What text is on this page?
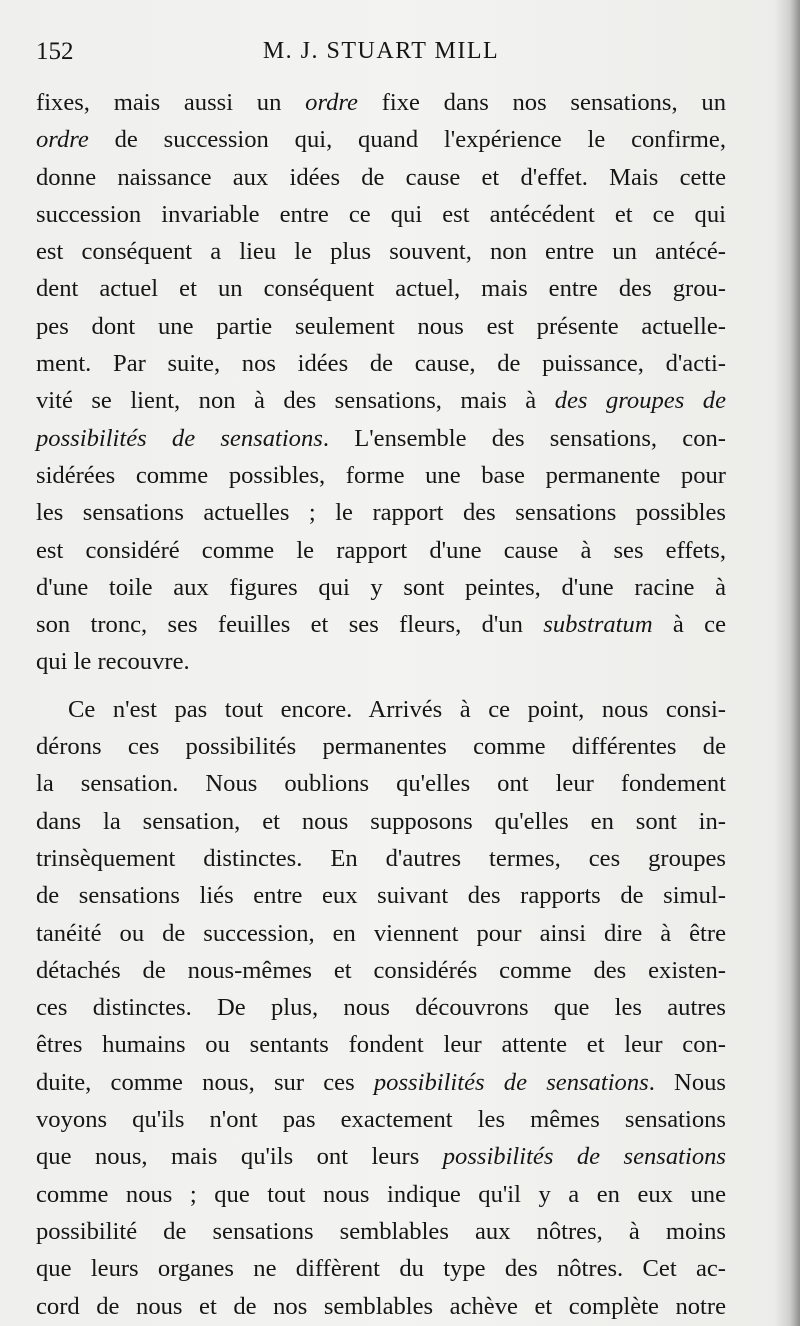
152	M. J. STUART MILL
fixes, mais aussi un ordre fixe dans nos sensations, un
ordre de succession qui, quand l'expérience le confirme,
donne naissance aux idées de cause et d'effet. Mais cette
succession invariable entre ce qui est antécédent et ce qui
est conséquent a lieu le plus souvent, non entre un antécé-
dent actuel et un conséquent actuel, mais entre des grou-
pes dont une partie seulement nous est présente actuelle-
ment. Par suite, nos idées de cause, de puissance, d'acti-
vité se lient, non à des sensations, mais à des groupes de
possibilités de sensations. L'ensemble des sensations, con-
sidérées comme possibles, forme une base permanente pour
les sensations actuelles ; le rapport des sensations possibles
est considéré comme le rapport d'une cause à ses effets,
d'une toile aux figures qui y sont peintes, d'une racine à
son tronc, ses feuilles et ses fleurs, d'un substratum à ce
qui le recouvre.
Ce n'est pas tout encore. Arrivés à ce point, nous consi-
dérons ces possibilités permanentes comme différentes de
la sensation. Nous oublions qu'elles ont leur fondement
dans la sensation, et nous supposons qu'elles en sont in-
trinsèquement distinctes. En d'autres termes, ces groupes
de sensations liés entre eux suivant des rapports de simul-
tanéité ou de succession, en viennent pour ainsi dire à être
détachés de nous-mêmes et considérés comme des existen-
ces distinctes. De plus, nous découvrons que les autres
êtres humains ou sentants fondent leur attente et leur con-
duite, comme nous, sur ces possibilités de sensations. Nous
voyons qu'ils n'ont pas exactement les mêmes sensations
que nous, mais qu'ils ont leurs possibilités de sensations
comme nous ; que tout nous indique qu'il y a en eux une
possibilité de sensations semblables aux nôtres, à moins
que leurs organes ne diffèrent du type des nôtres. Cet ac-
cord de nous et de nos semblables achève et complète notre
